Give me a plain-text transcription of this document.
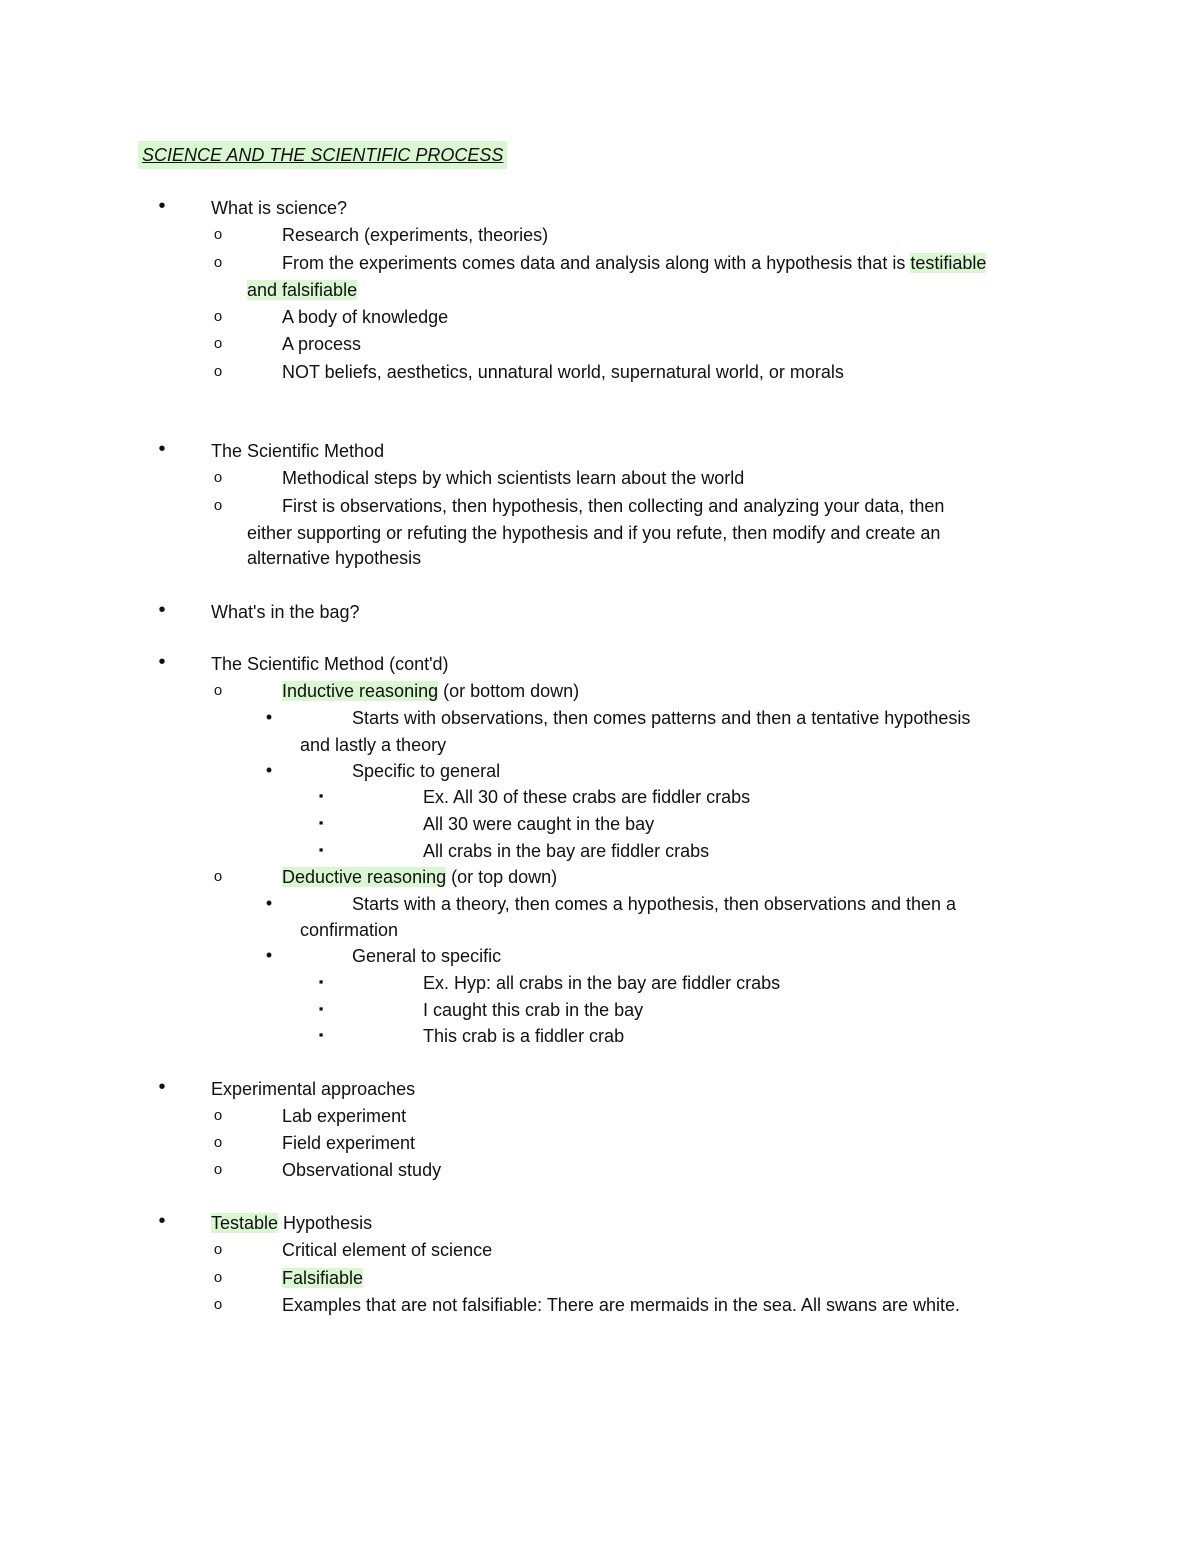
SCIENCE AND THE SCIENTIFIC PROCESS
•	What is science?
o	Research (experiments, theories)
o	From the experiments comes data and analysis along with a hypothesis that is testifiable
and falsifiable
o	A body of knowledge
o	A process
o	NOT beliefs, aesthetics, unnatural world, supernatural world, or morals
•	The Scientific Method
o	Methodical steps by which scientists learn about the world
o	First is observations, then hypothesis, then collecting and analyzing your data, then
either supporting or refuting the hypothesis and if you refute, then modify and create an
alternative hypothesis
•	What's in the bag?
•	The Scientific Method (cont'd)
o	Inductive reasoning (or bottom down)
•	Starts with observations, then comes patterns and then a tentative hypothesis
and lastly a theory
•	Specific to general
▪	Ex. All 30 of these crabs are fiddler crabs
▪	All 30 were caught in the bay
▪	All crabs in the bay are fiddler crabs
o	Deductive reasoning (or top down)
•	Starts with a theory, then comes a hypothesis, then observations and then a
confirmation
•	General to specific
▪	Ex. Hyp: all crabs in the bay are fiddler crabs
▪	I caught this crab in the bay
▪	This crab is a fiddler crab
•	Experimental approaches
o	Lab experiment
o	Field experiment
o	Observational study
•	Testable Hypothesis
o	Critical element of science
o	Falsifiable
o	Examples that are not falsifiable: There are mermaids in the sea. All swans are white.
